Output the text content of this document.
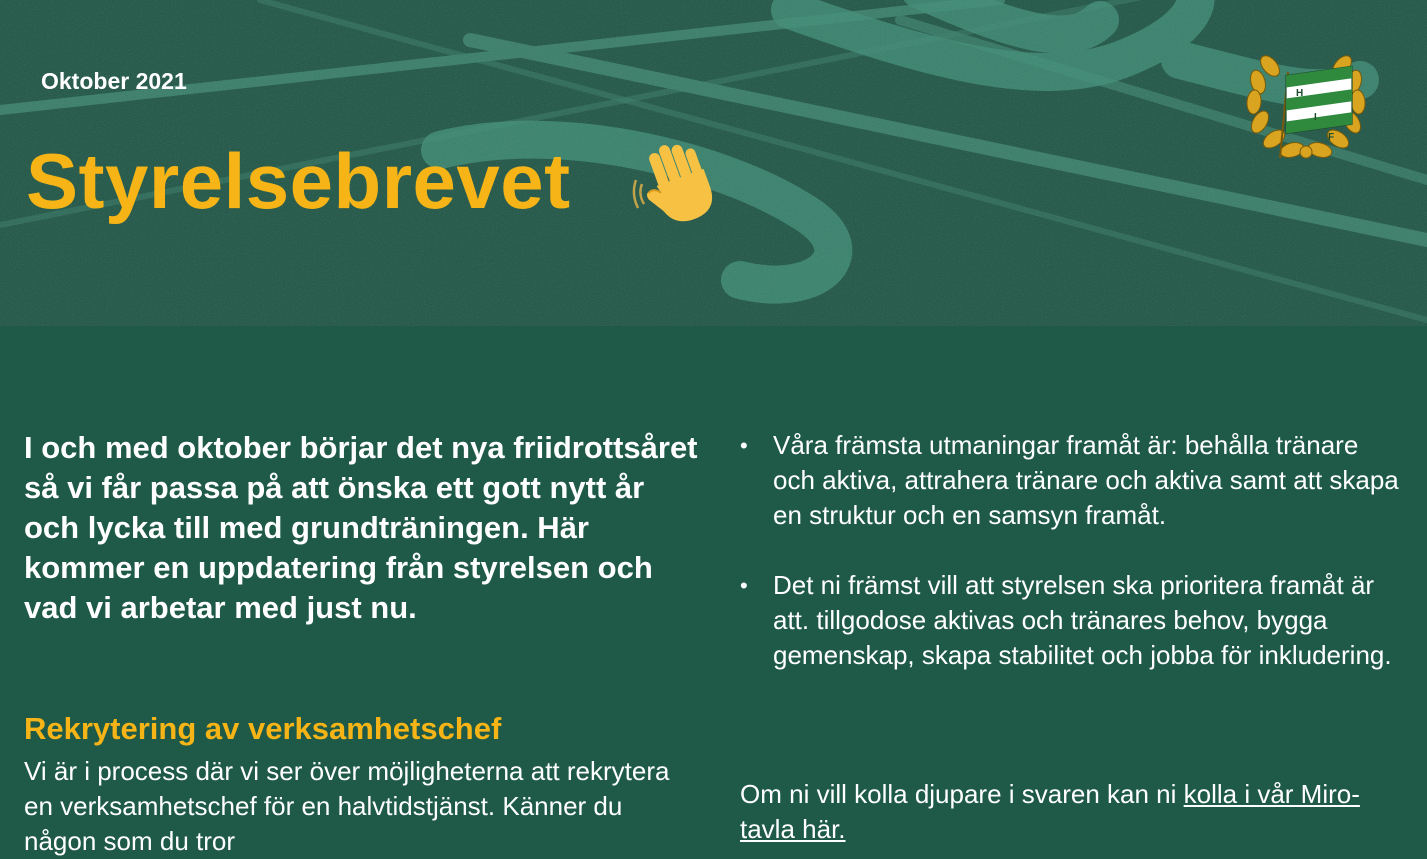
Oktober 2021
Styrelsebrevet
H
I
F

I och med oktober börjar det nya friidrottsåret så vi får passa på att önska ett gott nytt år och lycka till med grundträningen. Här kommer en uppdatering från styrelsen och vad vi arbetar med just nu.

Rekrytering av verksamhetschef

Vi är i process där vi ser över möjligheterna att rekrytera en verksamhetschef för en halvtidstjänst. Känner du någon som du tror

• Våra främsta utmaningar framåt är: behålla tränare och aktiva, attrahera tränare och aktiva samt att skapa en struktur och en samsyn framåt.
• Det ni främst vill att styrelsen ska prioritera framåt är att. tillgodose aktivas och tränares behov, bygga gemenskap, skapa stabilitet och jobba för inkludering.

Om ni vill kolla djupare i svaren kan ni kolla i vår Miro-tavla här.
